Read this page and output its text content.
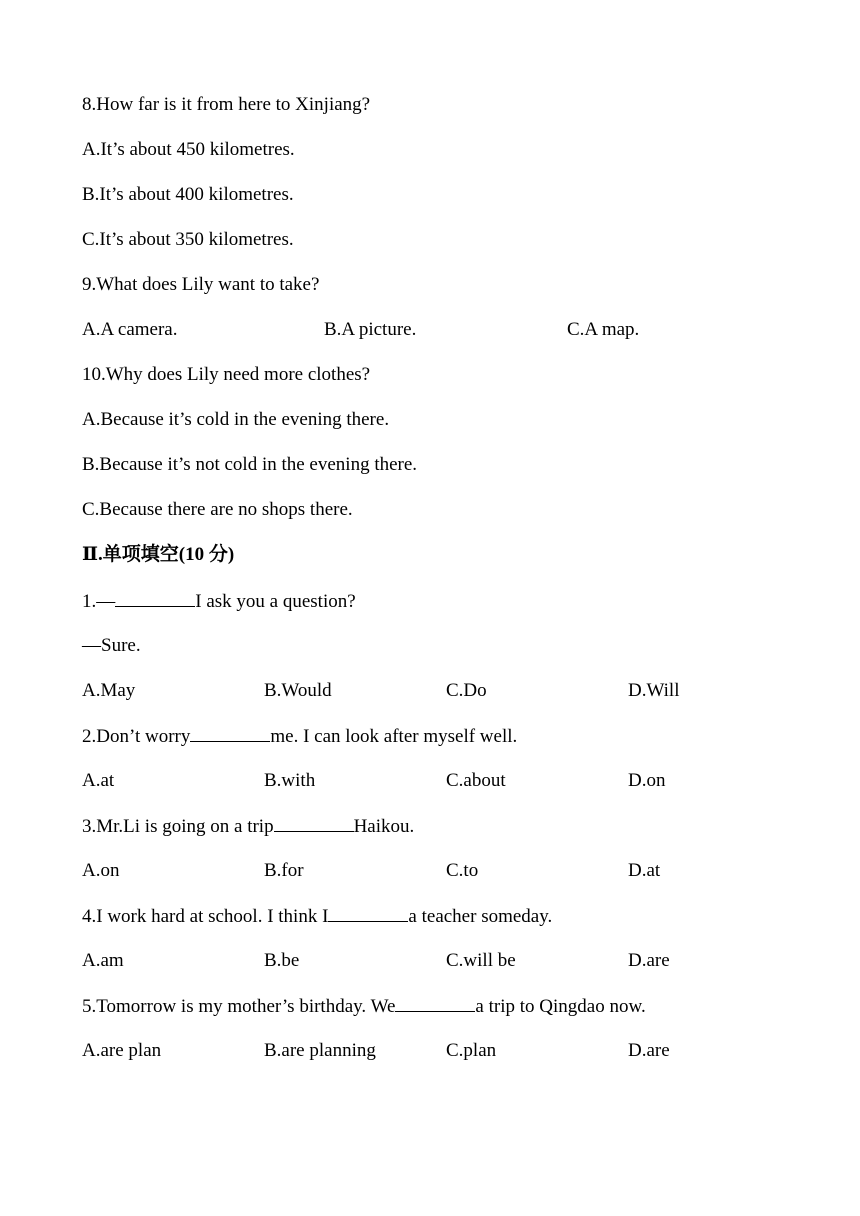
8.How far is it from here to Xinjiang?
A.It’s about 450 kilometres.
B.It’s about 400 kilometres.
C.It’s about 350 kilometres.
9.What does Lily want to take?
A.A camera.	B.A picture.	C.A map.
10.Why does Lily need more clothes?
A.Because it’s cold in the evening there.
B.Because it’s not cold in the evening there.
C.Because there are no shops there.
Ⅱ.单项填空(10 分)
1.—	I ask you a question?
—Sure.
A.May	B.Would	C.Do	D.Will
2.Don’t worry	me. I can look after myself well.
A.at	B.with	C.about	D.on
3.Mr.Li is going on a trip	Haikou.
A.on	B.for	C.to	D.at
4.I work hard at school. I think I	a teacher someday.
A.am	B.be	C.will be	D.are
5.Tomorrow is my mother’s birthday. We	a trip to Qingdao now.
A.are plan	B.are planning	C.plan	D.are
